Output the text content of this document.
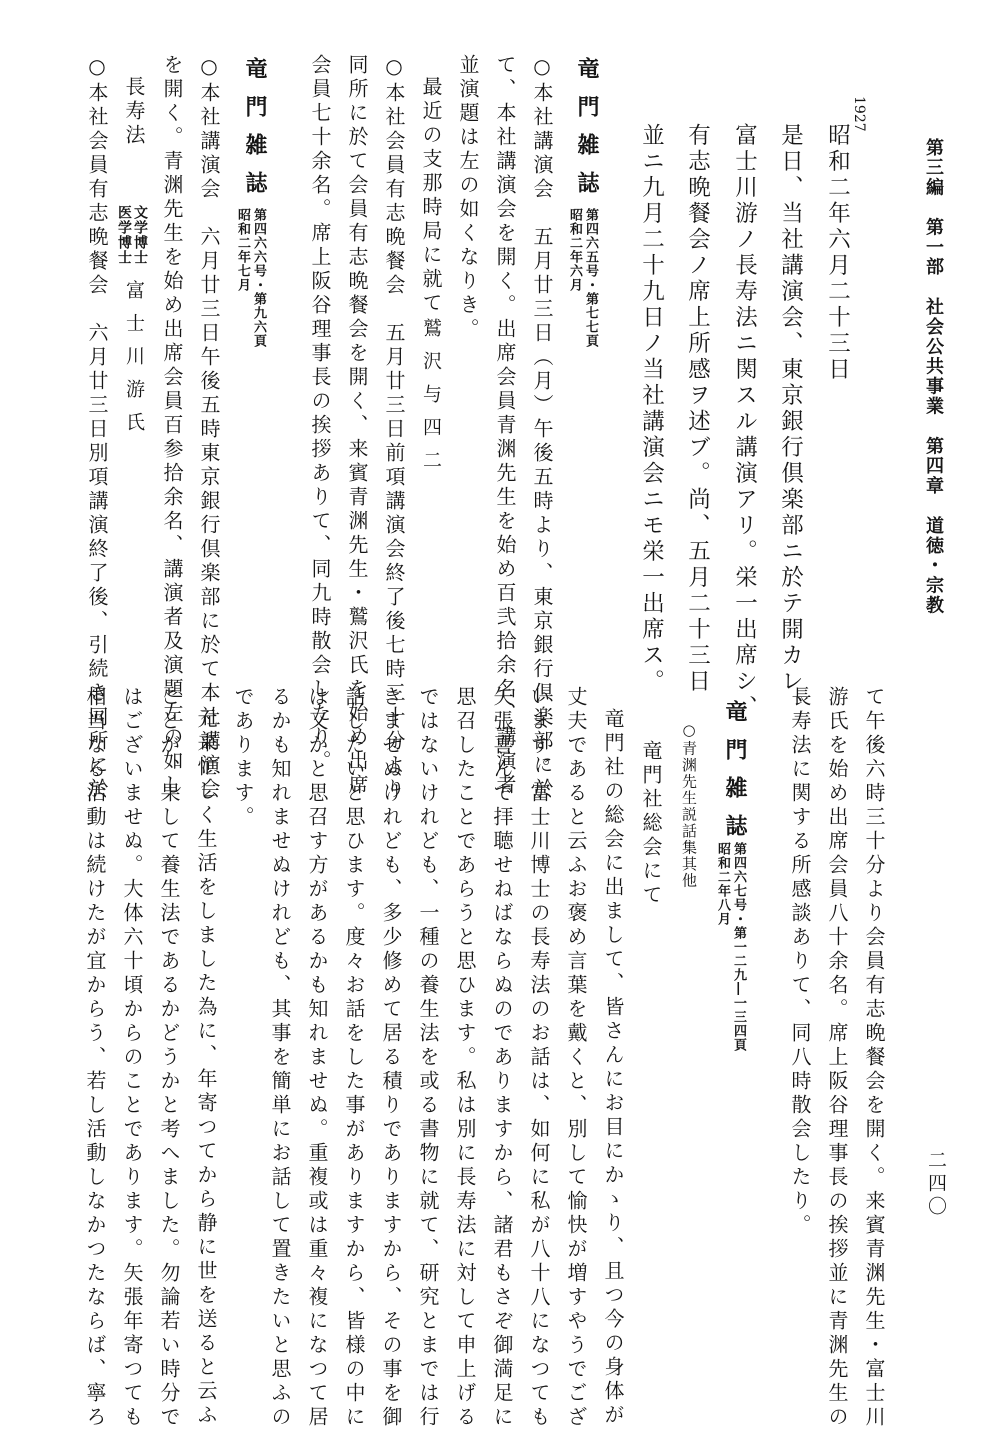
第三編　第一部　社会公共事業　第四章　道徳・宗教
二四〇
1927
昭和二年六月二十三日
是日、当社講演会、東京銀行倶楽部ニ於テ開カレ、
富士川游ノ長寿法ニ関スル講演アリ。栄一出席シ、
有志晩餐会ノ席上所感ヲ述ブ。尚、五月二十三日
並ニ九月二十九日ノ当社講演会ニモ栄一出席ス。
竜門雑誌
第四六五号・第七七頁
昭和二年六月
○本社講演会　五月廿三日（月）午後五時より、東京銀行倶楽部に於
て、本社講演会を開く。出席会員青渊先生を始め百弐拾余名、講演者
並演題は左の如くなりき。
最近の支那時局に就て
鷲沢与四二
○本社会員有志晩餐会　五月廿三日前項講演会終了後七時三十分より
同所に於て会員有志晩餐会を開く、来賓青渊先生・鷲沢氏を始め出席
会員七十余名。席上阪谷理事長の挨拶ありて、同九時散会したり。
竜門雑誌
第四六六号・第九六頁
昭和二年七月
○本社講演会　六月廿三日午後五時東京銀行倶楽部に於て本社講演会
を開く。青渊先生を始め出席会員百参拾余名、講演者及演題左の如し
長寿法
文学博士
医学博士
富士川游氏
○本社会員有志晩餐会　六月廿三日別項講演終了後、引続き同所に於
て午後六時三十分より会員有志晩餐会を開く。来賓青渊先生・富士川
游氏を始め出席会員八十余名。席上阪谷理事長の挨拶並に青渊先生の
長寿法に関する所感談ありて、同八時散会したり。
竜門雑誌
第四六七号・第一二九―一三四頁
昭和二年八月
○青渊先生説話集其他
竜門社総会にて
竜門社の総会に出まして、皆さんにお目にかゝり、且つ今の身体が
丈夫であると云ふお褒め言葉を戴くと、別して愉快が増すやうでござ
います。富士川博士の長寿法のお話は、如何に私が八十八になつても
矢張喜んで拝聴せねばならぬのでありますから、諸君もさぞ御満足に
思召したことであらうと思ひます。私は別に長寿法に対して申上げる
ではないけれども、一種の養生法を或る書物に就て、研究とまでは行
きませぬけれども、多少修めて居る積りでありますから、その事を御
話したいと思ひます。度々お話をした事がありますから、皆様の中に
は又かと思召す方があるかも知れませぬ。重複或は重々複になつて居
るかも知れませぬけれども、其事を簡単にお話して置きたいと思ふの
であります。
元来忙しく生活をしました為に、年寄つてから静に世を送ると云ふ
ことが、果して養生法であるかどうかと考へました。勿論若い時分で
はございませぬ。大体六十頃からのことであります。矢張年寄つても
相当なる活動は続けたが宜からう、若し活動しなかつたならば、寧ろ
